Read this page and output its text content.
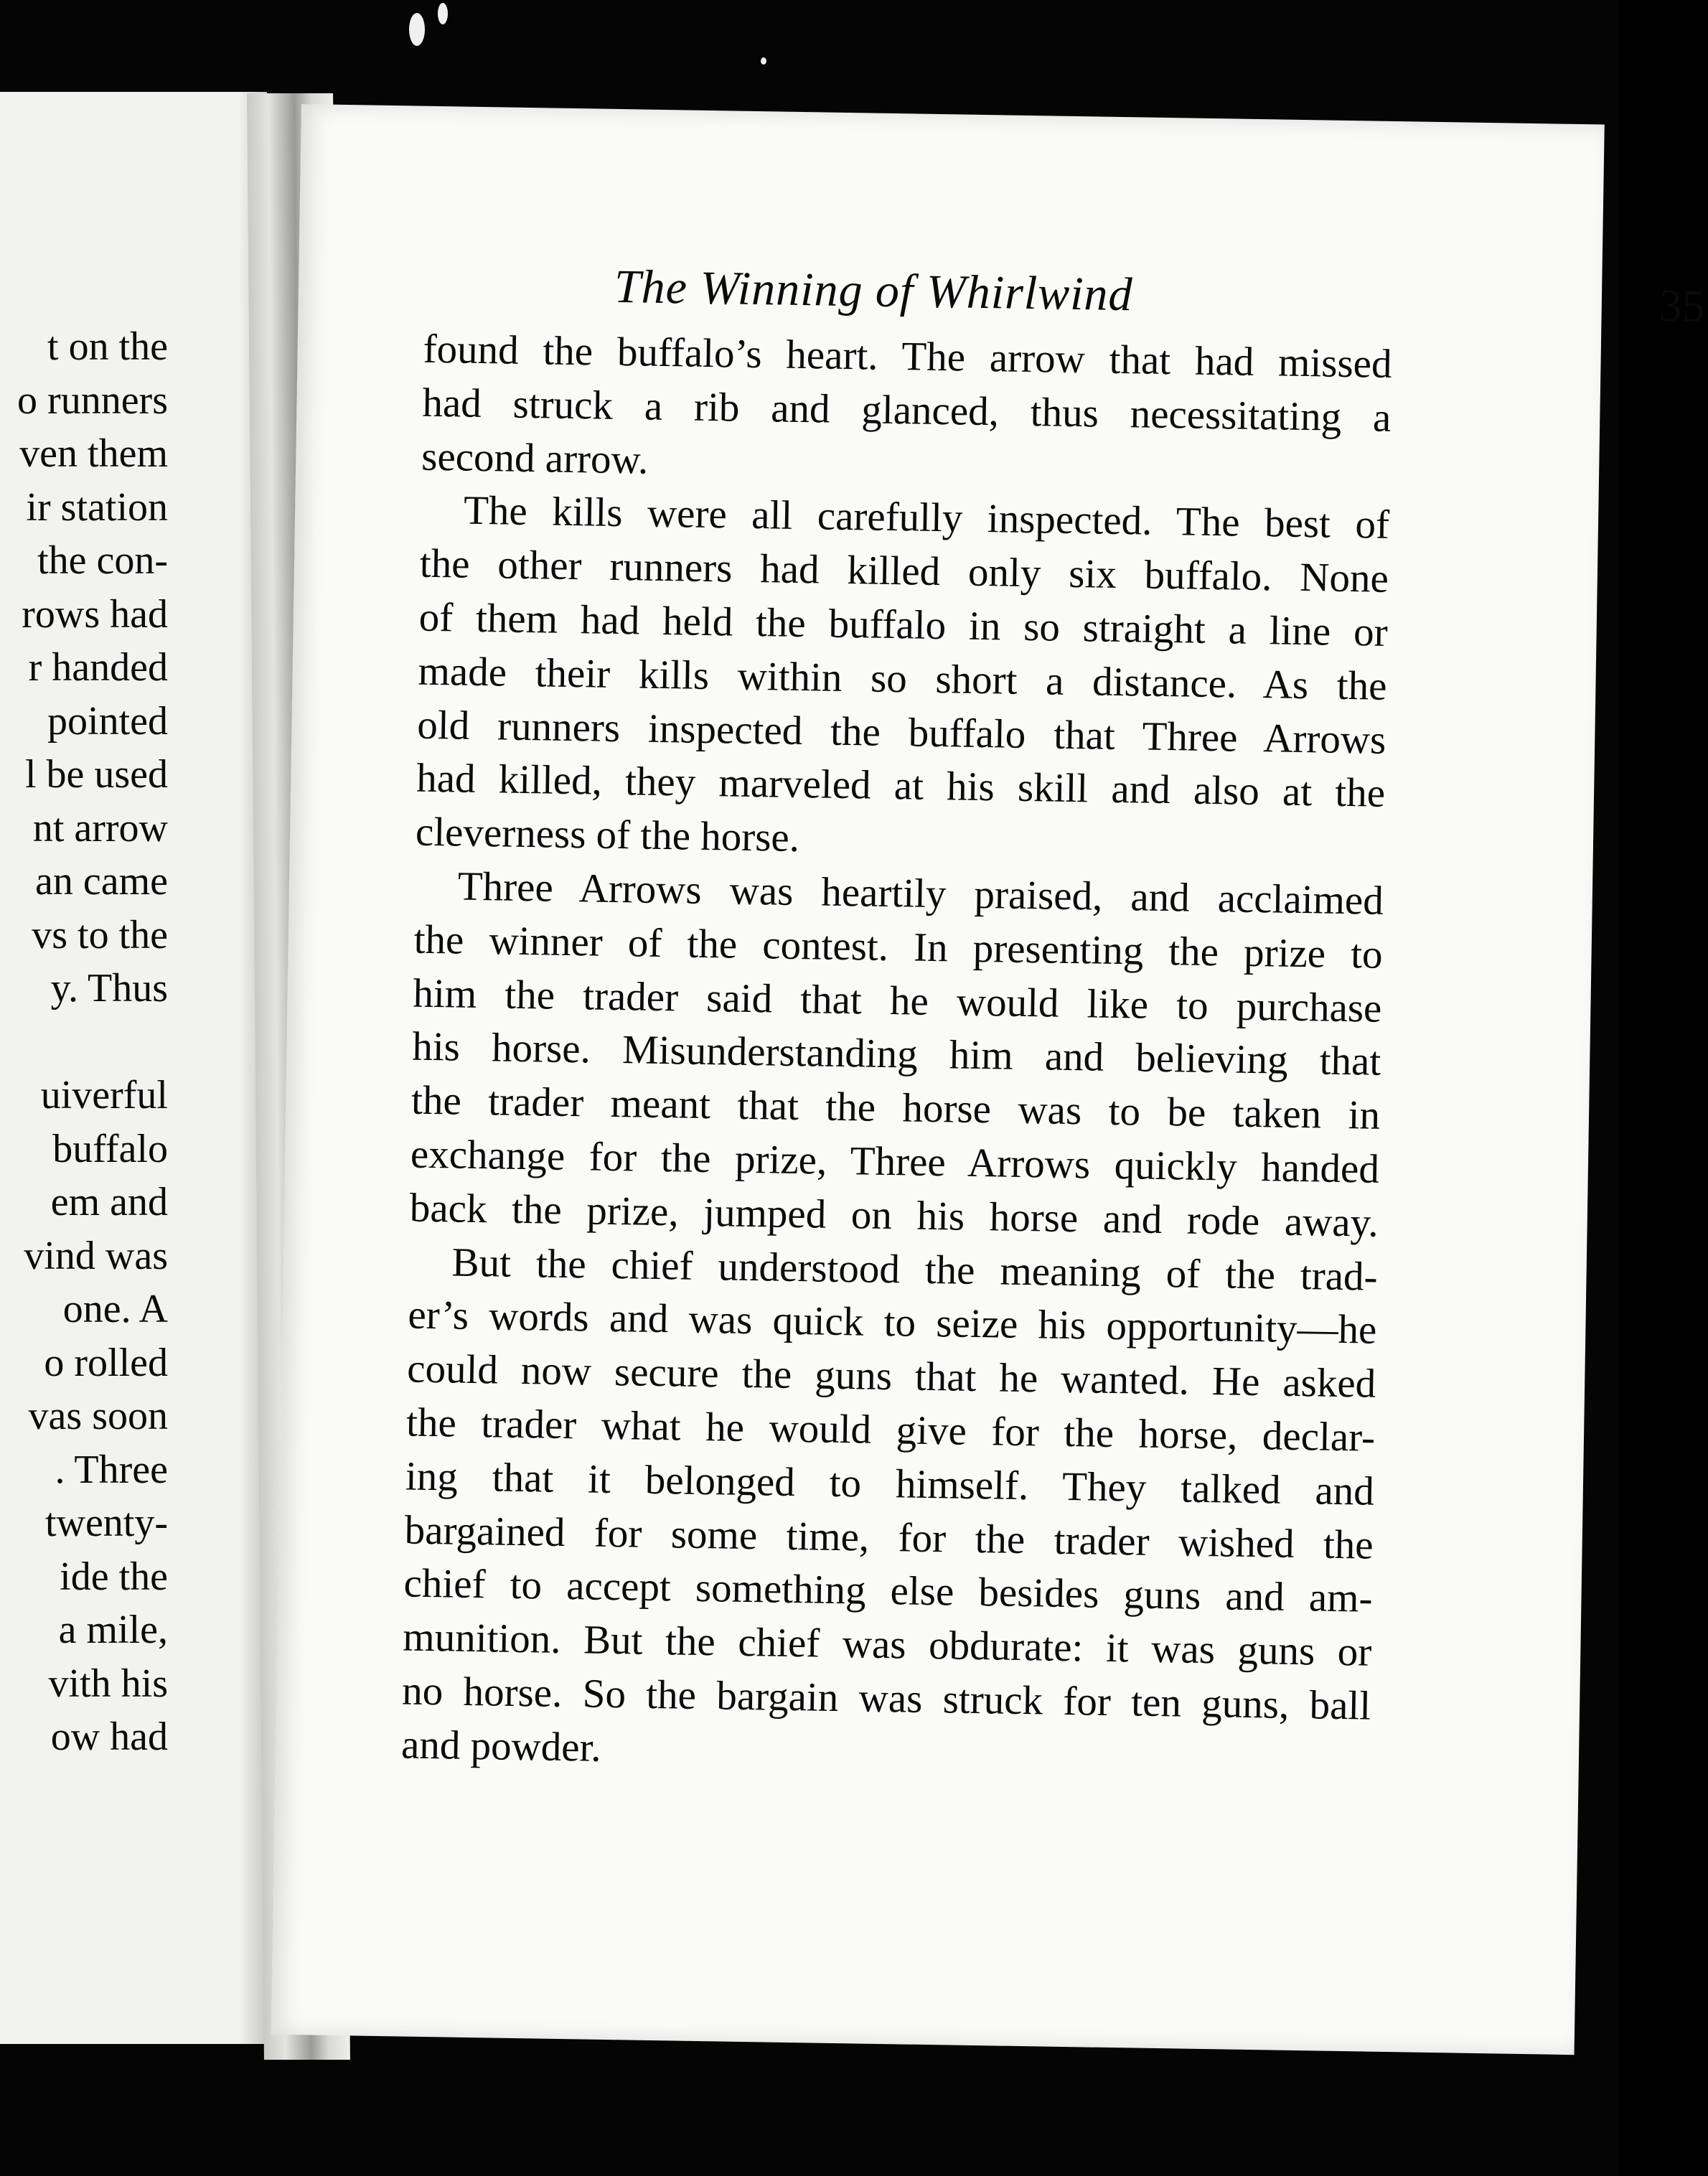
t on the
o runners
ven them
ir station
the con-
rows had
r handed
pointed
l be used
nt arrow
an came
vs to the
y. Thus
uiverful
buffalo
em and
vind was
one. A
o rolled
vas soon
. Three
twenty-
ide the
a mile,
vith his
ow had
The Winning of Whirlwind	35

found the buffalo’s heart. The arrow that had missed

had struck a rib and glanced, thus necessitating a

second arrow.

The kills were all carefully inspected. The best of

the other runners had killed only six buffalo. None

of them had held the buffalo in so straight a line or

made their kills within so short a distance. As the

old runners inspected the buffalo that Three Arrows

had killed, they marveled at his skill and also at the

cleverness of the horse.

Three Arrows was heartily praised, and acclaimed

the winner of the contest. In presenting the prize to

him the trader said that he would like to purchase

his horse. Misunderstanding him and believing that

the trader meant that the horse was to be taken in

exchange for the prize, Three Arrows quickly handed

back the prize, jumped on his horse and rode away.

But the chief understood the meaning of the trad-

er’s words and was quick to seize his opportunity—he

could now secure the guns that he wanted. He asked

the trader what he would give for the horse, declar-

ing that it belonged to himself. They talked and

bargained for some time, for the trader wished the

chief to accept something else besides guns and am-

munition. But the chief was obdurate: it was guns or

no horse. So the bargain was struck for ten guns, ball

and powder.
